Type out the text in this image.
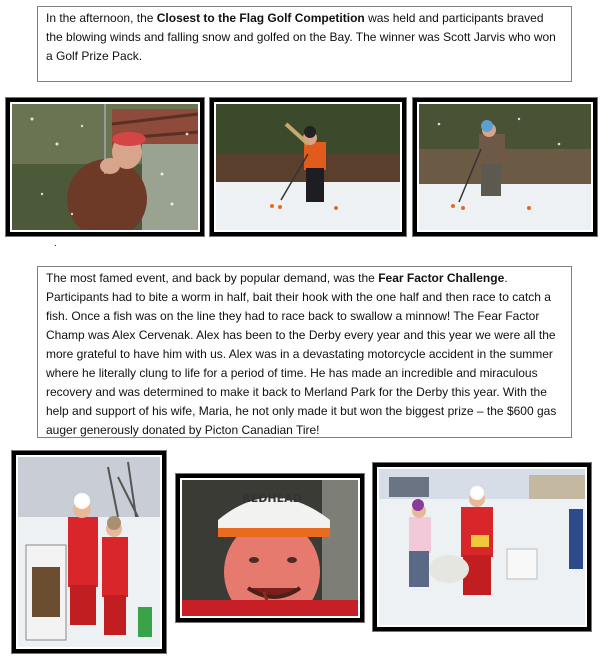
In the afternoon, the Closest to the Flag Golf Competition was held and participants braved the blowing winds and falling snow and golfed on the Bay. The winner was Scott Jarvis who won a Golf Prize Pack.
.
The most famed event, and back by popular demand, was the Fear Factor Challenge. Participants had to bite a worm in half, bait their hook with the one half and then race to catch a fish. Once a fish was on the line they had to race back to swallow a minnow! The Fear Factor Champ was Alex Cervenak. Alex has been to the Derby every year and this year we were all the more grateful to have him with us. Alex was in a devastating motorcycle accident in the summer where he literally clung to life for a period of time. He has made an incredible and miraculous recovery and was determined to make it back to Merland Park for the Derby this year. With the help and support of his wife, Maria, he not only made it but won the biggest prize – the $600 gas auger generously donated by Picton Canadian Tire!
REDHEAD
